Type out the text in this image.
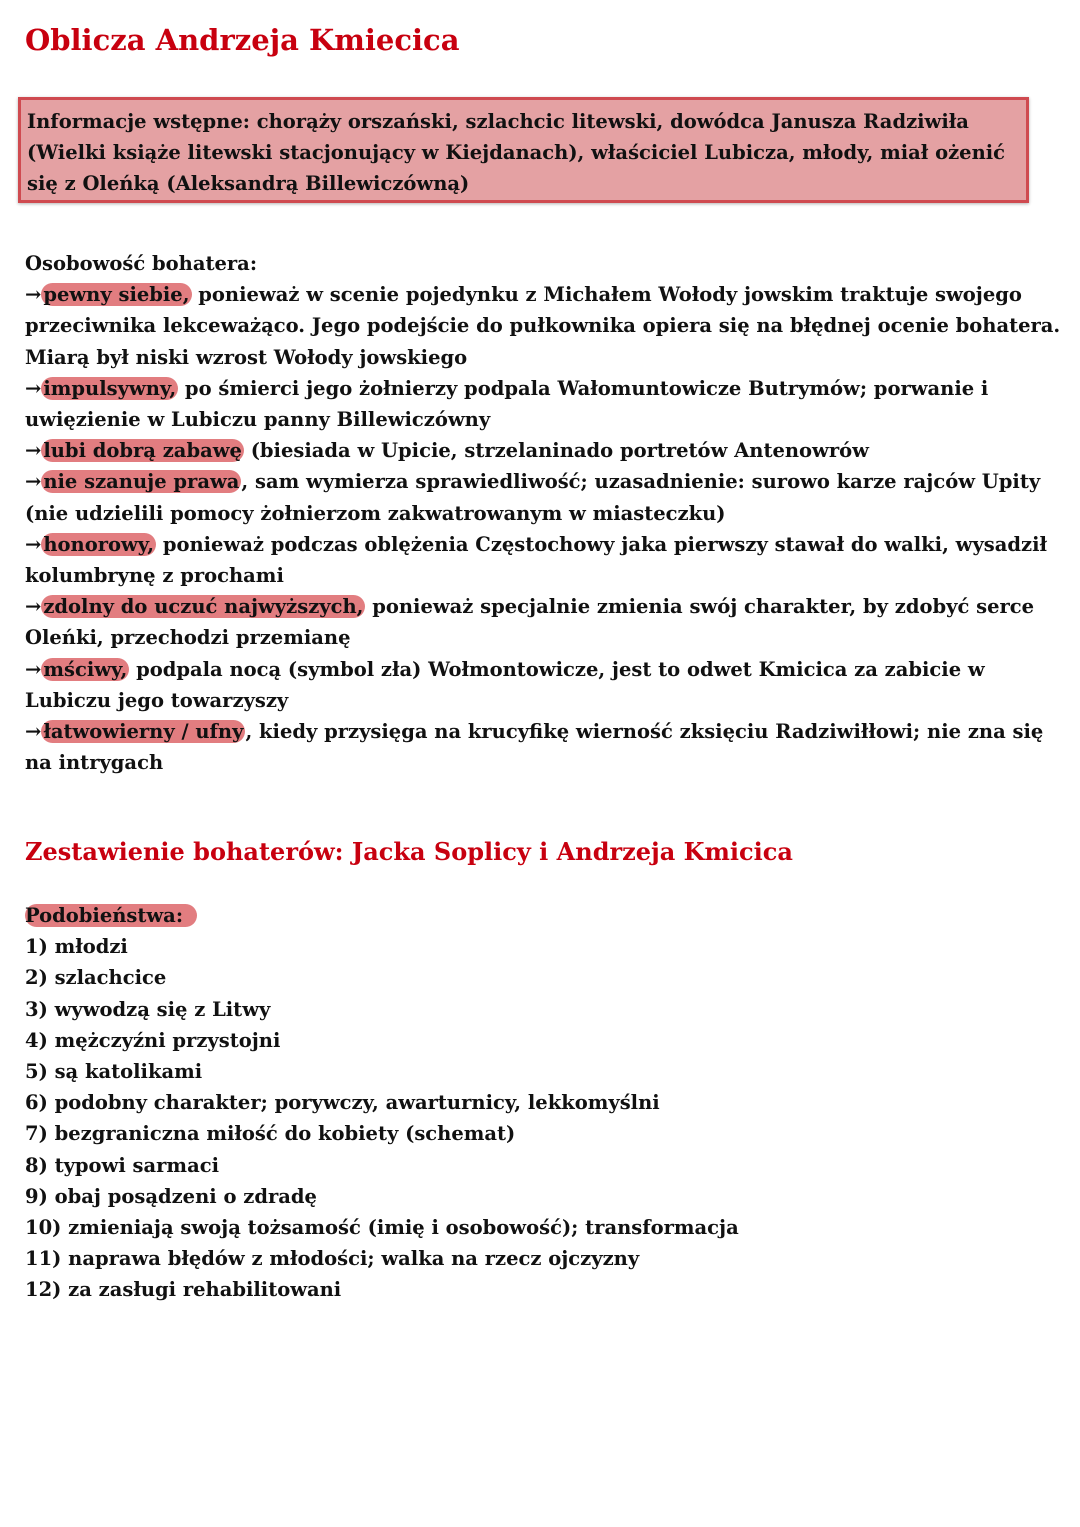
Oblicza Andrzeja Kmiecica

Informacje wstępne: chorąży orszański, szlachcic litewski, dowódca Janusza Radziwiła (Wielki książe litewski stacjonujący w Kiejdanach), właściciel Lubicza, młody, miał ożenić się z Oleńką (Aleksandrą Billewiczówną)

Osobowość bohatera:

→ pewny siebie, ponieważ w scenie pojedynku z Michałem Wołody jowskim traktuje swojego przeciwnika lekceważąco. Jego podejście do pułkownika opiera się na błędnej ocenie bohatera. Miarą był niski wzrost Wołody jowskiego

→ impulsywny, po śmierci jego żołnierzy podpala Wałomuntowicze Butrymów; porwanie i uwięzienie w Lubiczu panny Billewiczówny

→ lubi dobrą zabawę (biesiada w Upicie, strzelaninado portretów Antenowrów

→ nie szanuje prawa , sam wymierza sprawiedliwość; uzasadnienie: surowo karze rajców Upity (nie udzielili pomocy żołnierzom zakwatrowanym w miasteczku)

→ honorowy, ponieważ podczas oblężenia Częstochowy jaka pierwszy stawał do walki, wysadził kolumbrynę z prochami

→ zdolny do uczuć najwyższych, ponieważ specjalnie zmienia swój charakter, by zdobyć serce Oleńki, przechodzi przemianę

→ mściwy, podpala nocą (symbol zła) Wołmontowicze, jest to odwet Kmicica za zabicie w Lubiczu jego towarzyszy

→ łatwowierny / ufny , kiedy przysięga na krucyfikę wierność zksięciu Radziwiłłowi; nie zna się na intrygach

Zestawienie bohaterów: Jacka Soplicy i Andrzeja Kmicica

Podobieństwa:

1) młodzi

2) szlachcice

3) wywodzą się z Litwy

4) mężczyźni przystojni

5) są katolikami

6) podobny charakter; porywczy, awarturnicy, lekkomyślni

7) bezgraniczna miłość do kobiety (schemat)

8) typowi sarmaci

9) obaj posądzeni o zdradę

10) zmieniają swoją tożsamość (imię i osobowość); transformacja

11) naprawa błędów z młodości; walka na rzecz ojczyzny

12) za zasługi rehabilitowani
